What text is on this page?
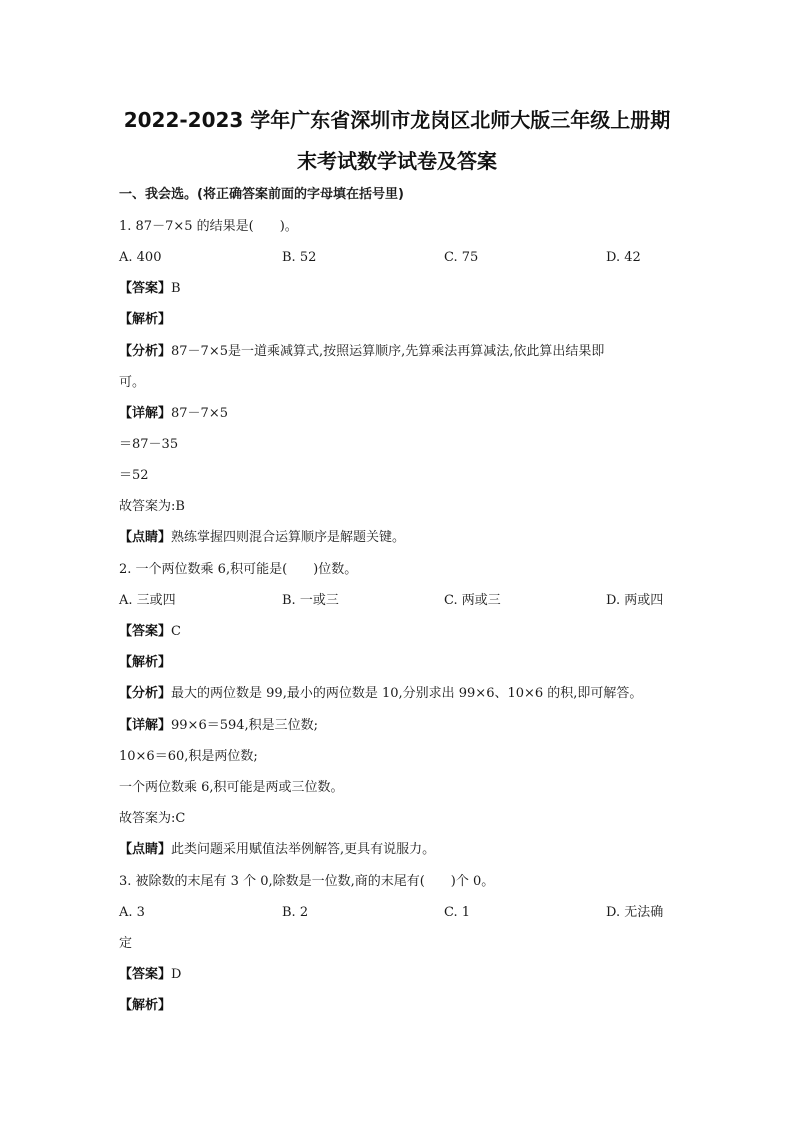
2022-2023 学年广东省深圳市龙岗区北师大版三年级上册期
末考试数学试卷及答案
一、我会选。(将正确答案前面的字母填在括号里)
1. 87－7×5 的结果是(　　)。
A. 400	B. 52	C. 75	D. 42
【答案】B
【解析】
【分析】87－7×5是一道乘减算式,按照运算顺序,先算乘法再算减法,依此算出结果即
可。
【详解】87－7×5
＝87－35
＝52
故答案为:B
【点睛】熟练掌握四则混合运算顺序是解题关键。
2. 一个两位数乘 6,积可能是(　　)位数。
A. 三或四	B. 一或三	C. 两或三	D. 两或四
【答案】C
【解析】
【分析】最大的两位数是 99,最小的两位数是 10,分别求出 99×6、10×6 的积,即可解答。
【详解】99×6＝594,积是三位数;
10×6＝60,积是两位数;
一个两位数乘 6,积可能是两或三位数。
故答案为:C
【点睛】此类问题采用赋值法举例解答,更具有说服力。
3. 被除数的末尾有 3 个 0,除数是一位数,商的末尾有(　　)个 0。
A. 3	B. 2	C. 1	D. 无法确
定
【答案】D
【解析】
